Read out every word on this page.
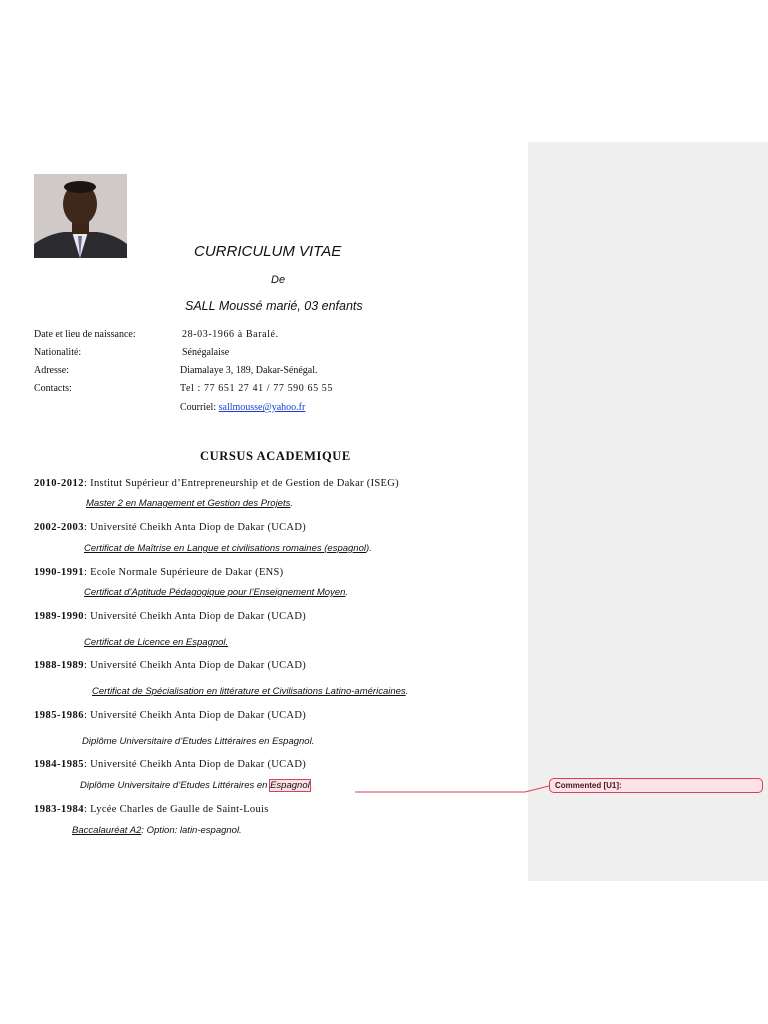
Commented [U1]:
CURRICULUM VITAE
De
SALL Moussé marié, 03 enfants
Date et lieu de naissance:	28-03-1966 à Baralé.
Nationalité:	Sénégalaise
Adresse:	Diamalaye 3, 189, Dakar-Sénégal.
Contacts:	Tel : 77 651 27 41 / 77 590 65 55
Courriel: sallmousse@yahoo.fr
CURSUS ACADEMIQUE
2010-2012: Institut Supérieur d’Entrepreneurship et de Gestion de Dakar (ISEG)
Master 2 en Management et Gestion des Projets.
2002-2003: Université Cheikh Anta Diop de Dakar (UCAD)
Certificat de Maîtrise en Langue et civilisations romaines (espagnol).
1990-1991: Ecole Normale Supérieure de Dakar (ENS)
Certificat d’Aptitude Pédagogique pour l’Enseignement Moyen.
1989-1990: Université Cheikh Anta Diop de Dakar (UCAD)
Certificat de Licence en Espagnol.
1988-1989: Université Cheikh Anta Diop de Dakar (UCAD)
Certificat de Spécialisation en littérature et Civilisations Latino-américaines.
1985-1986: Université Cheikh Anta Diop de Dakar (UCAD)
Diplôme Universitaire d’Etudes Littéraires en Espagnol.
1984-1985: Université Cheikh Anta Diop de Dakar (UCAD)
Diplôme Universitaire d’Etudes Littéraires en Espagnol.
1983-1984: Lycée Charles de Gaulle de Saint-Louis
Baccalauréat A2: Option: latin-espagnol.
